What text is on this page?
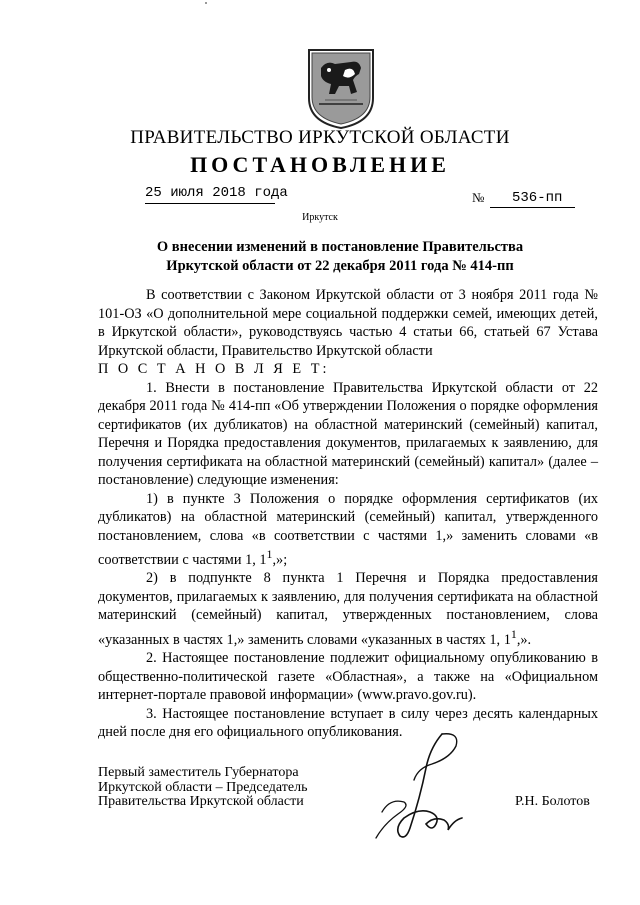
ПРАВИТЕЛЬСТВО ИРКУТСКОЙ ОБЛАСТИ
ПОСТАНОВЛЕНИЕ
25 июля 2018 года	№ 536-пп
Иркутск
О внесении изменений в постановление Правительства Иркутской области от 22 декабря 2011 года № 414-пп

В соответствии с Законом Иркутской области от 3 ноября 2011 года № 101-ОЗ «О дополнительной мере социальной поддержки семей, имеющих детей, в Иркутской области», руководствуясь частью 4 статьи 66, статьей 67 Устава Иркутской области, Правительство Иркутской области

П О С Т А Н О В Л Я Е Т:

1. Внести в постановление Правительства Иркутской области от 22 декабря 2011 года № 414-пп «Об утверждении Положения о порядке оформления сертификатов (их дубликатов) на областной материнский (семейный) капитал, Перечня и Порядка предоставления документов, прилагаемых к заявлению, для получения сертификата на областной материнский (семейный) капитал» (далее – постановление) следующие изменения:

1) в пункте 3 Положения о порядке оформления сертификатов (их дубликатов) на областной материнский (семейный) капитал, утвержденного постановлением, слова «в соответствии с частями 1,» заменить словами «в соответствии с частями 1, $1^1$,»;

2) в подпункте 8 пункта 1 Перечня и Порядка предоставления документов, прилагаемых к заявлению, для получения сертификата на областной материнский (семейный) капитал, утвержденных постановлением, слова «указанных в частях 1,» заменить словами «указанных в частях 1, $1^1$,».

2. Настоящее постановление подлежит официальному опубликованию в общественно-политической газете «Областная», а также на «Официальном интернет-портале правовой информации» (www.pravo.gov.ru).

3. Настоящее постановление вступает в силу через десять календарных дней после дня его официального опубликования.

Первый заместитель Губернатора
Иркутской области – Председатель
Правительства Иркутской области	Р.Н. Болотов
